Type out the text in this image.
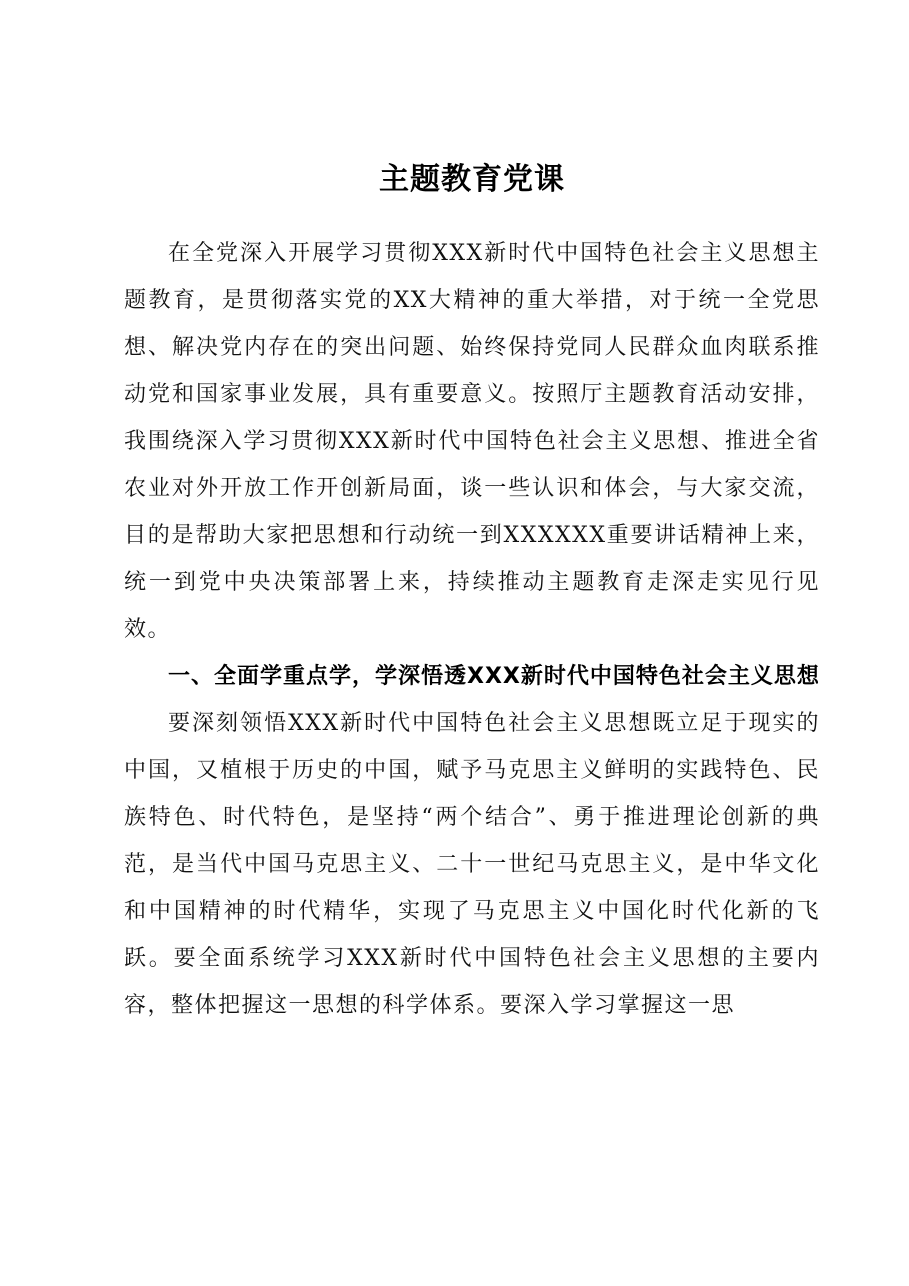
主题教育党课

在全党深入开展学习贯彻XXX新时代中国特色社会主义思想主题教育，是贯彻落实党的XX大精神的重大举措，对于统一全党思想、解决党内存在的突出问题、始终保持党同人民群众血肉联系推动党和国家事业发展，具有重要意义。按照厅主题教育活动安排，我围绕深入学习贯彻XXX新时代中国特色社会主义思想、推进全省农业对外开放工作开创新局面，谈一些认识和体会，与大家交流，目的是帮助大家把思想和行动统一到XXXXXX重要讲话精神上来，统一到党中央决策部署上来，持续推动主题教育走深走实见行见效。

一、全面学重点学，学深悟透XXX新时代中国特色社会主义思想

要深刻领悟XXX新时代中国特色社会主义思想既立足于现实的中国，又植根于历史的中国，赋予马克思主义鲜明的实践特色、民族特色、时代特色，是坚持“两个结合”、勇于推进理论创新的典范，是当代中国马克思主义、二十一世纪马克思主义，是中华文化和中国精神的时代精华，实现了马克思主义中国化时代化新的飞跃。要全面系统学习XXX新时代中国特色社会主义思想的主要内容，整体把握这一思想的科学体系。要深入学习掌握这一思
